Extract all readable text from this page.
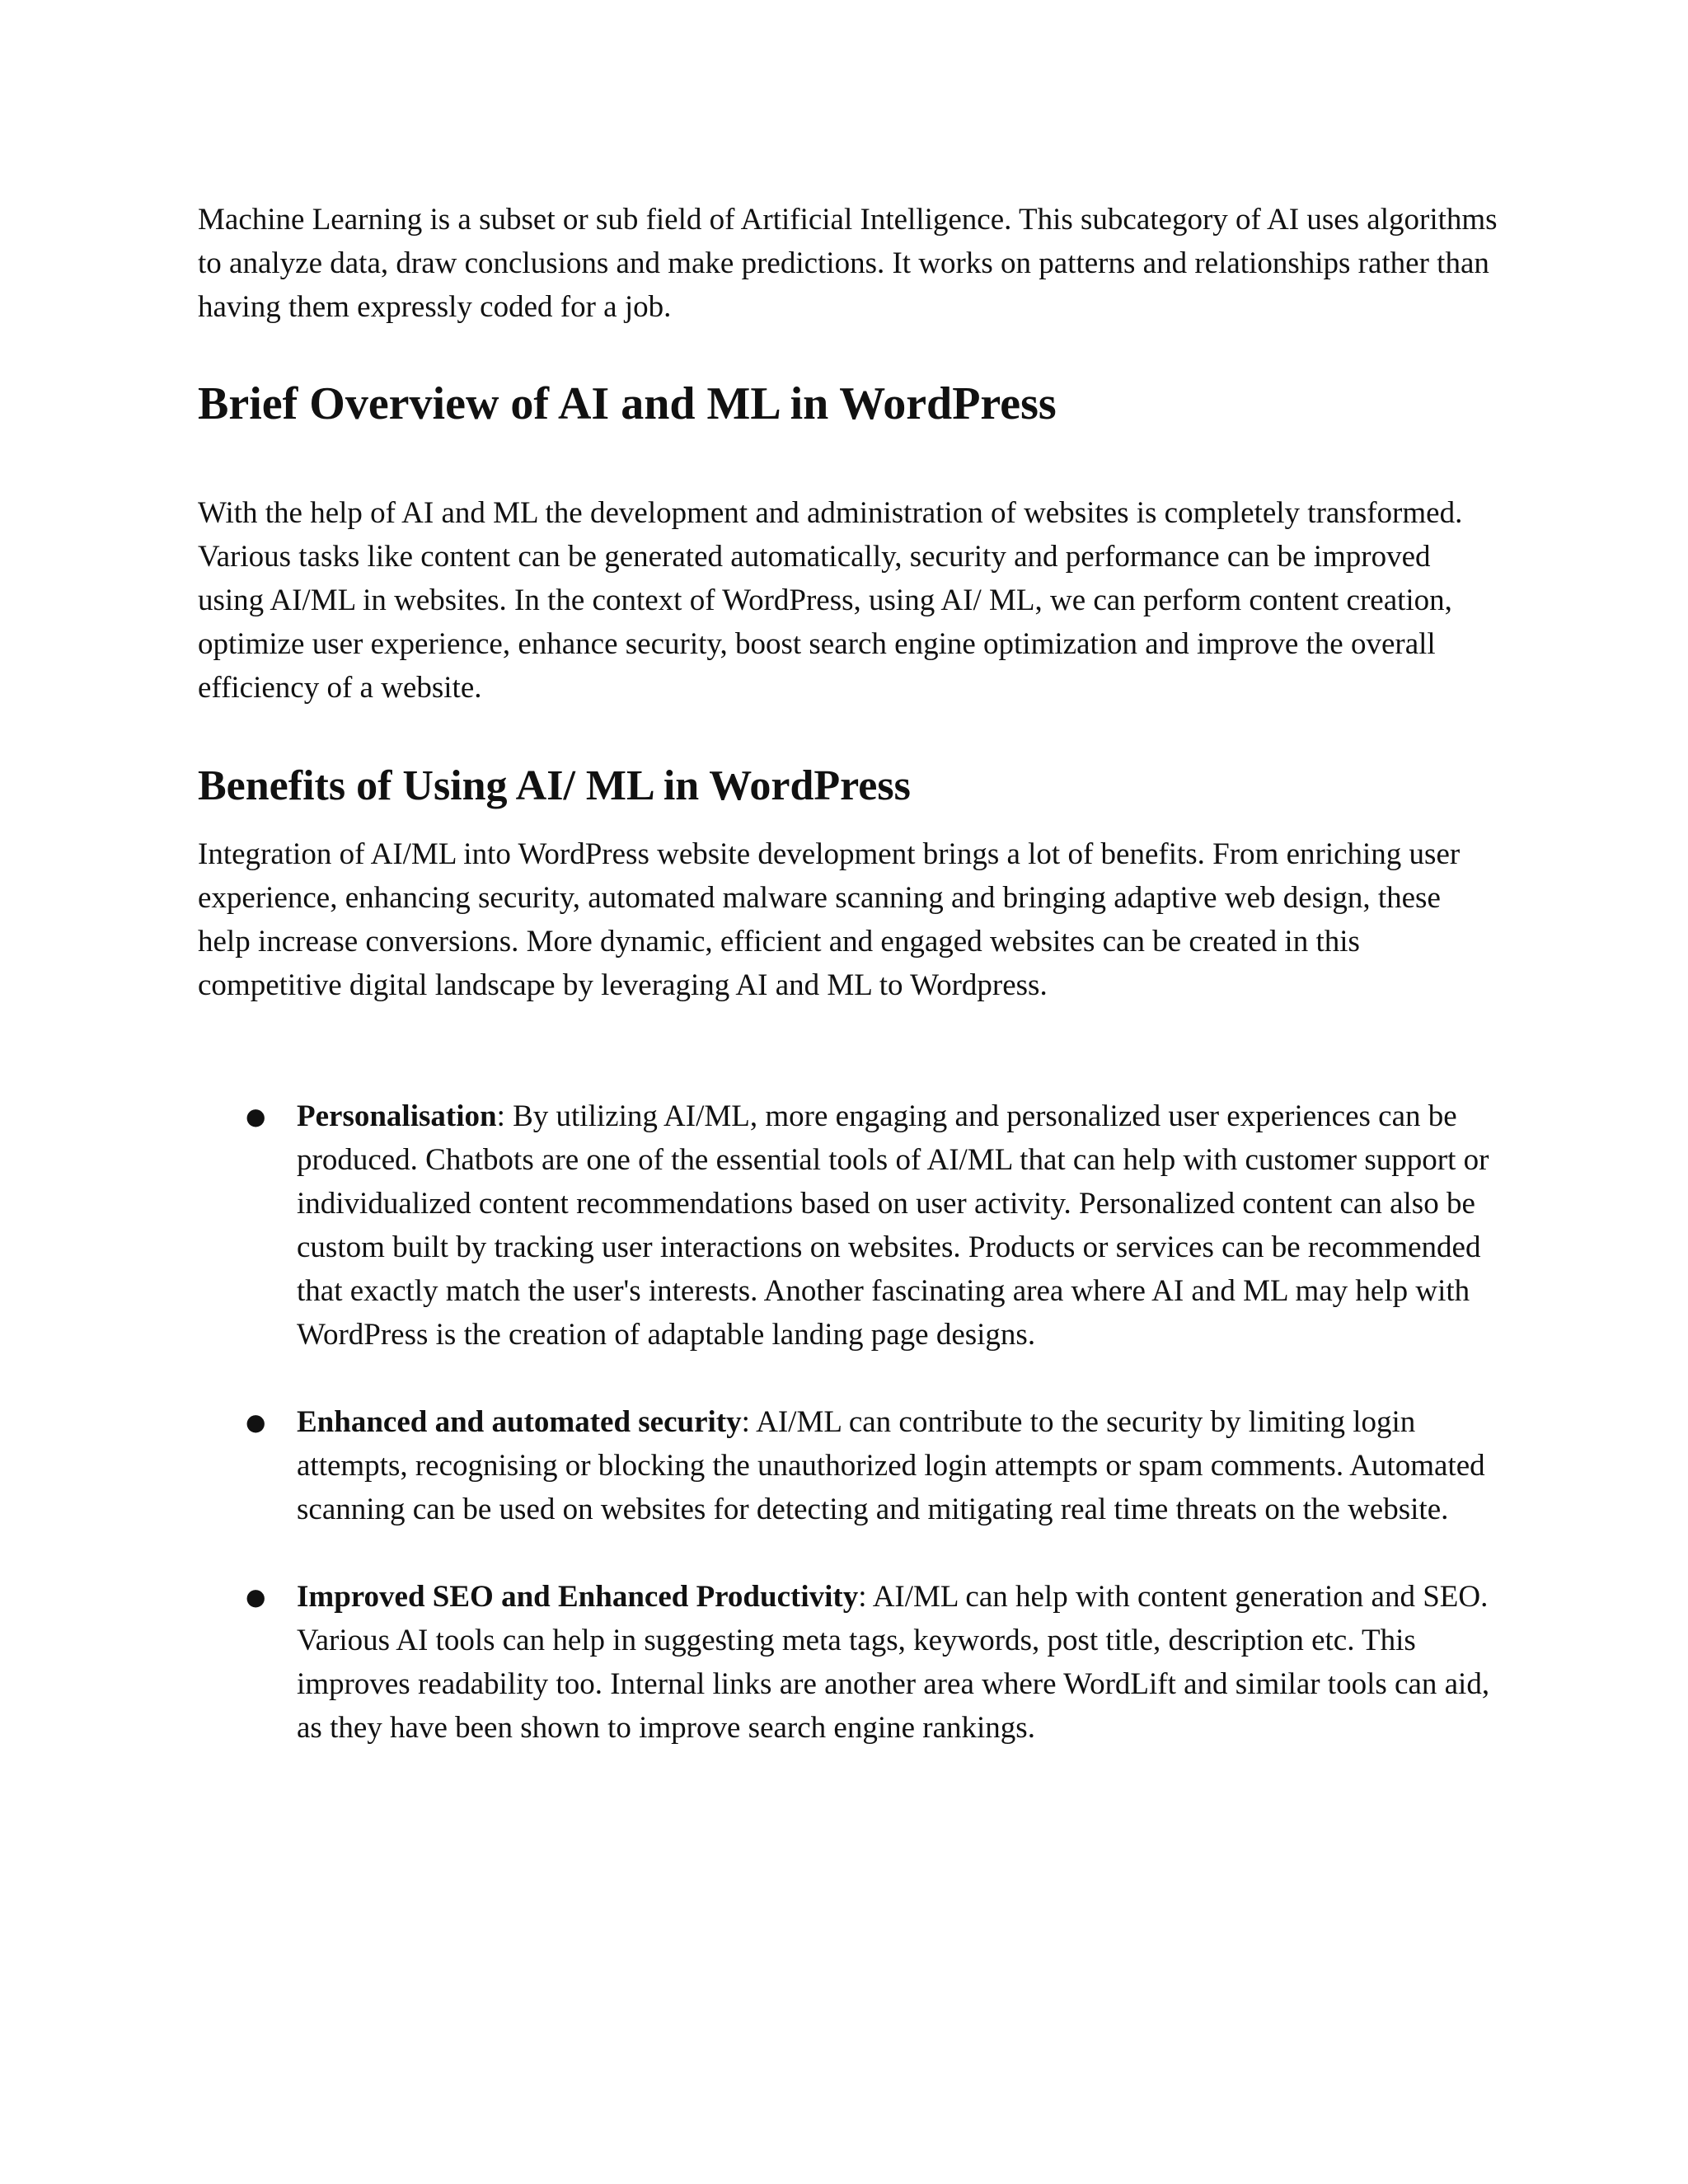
Machine Learning is a subset or sub field of Artificial Intelligence. This subcategory of AI uses algorithms to analyze data, draw conclusions and make predictions. It works on patterns and relationships rather than having them expressly coded for a job.

Brief Overview of AI and ML in WordPress

With the help of AI and ML the development and administration of websites is completely transformed. Various tasks like content can be generated automatically, security and performance can be improved using AI/ML in websites. In the context of WordPress, using AI/ ML, we can perform content creation, optimize user experience, enhance security, boost search engine optimization and improve the overall efficiency of a website.

Benefits of Using AI/ ML in WordPress

Integration of AI/ML into WordPress website development brings a lot of benefits. From enriching user experience, enhancing security, automated malware scanning and bringing adaptive web design, these help increase conversions. More dynamic, efficient and engaged websites can be created in this competitive digital landscape by leveraging AI and ML to Wordpress.

● Personalisation: By utilizing AI/ML, more engaging and personalized user experiences can be produced. Chatbots are one of the essential tools of AI/ML that can help with customer support or individualized content recommendations based on user activity. Personalized content can also be custom built by tracking user interactions on websites. Products or services can be recommended that exactly match the user's interests. Another fascinating area where AI and ML may help with WordPress is the creation of adaptable landing page designs.
● Enhanced and automated security: AI/ML can contribute to the security by limiting login attempts, recognising or blocking the unauthorized login attempts or spam comments. Automated scanning can be used on websites for detecting and mitigating real time threats on the website.
● Improved SEO and Enhanced Productivity: AI/ML can help with content generation and SEO. Various AI tools can help in suggesting meta tags, keywords, post title, description etc. This improves readability too. Internal links are another area where WordLift and similar tools can aid, as they have been shown to improve search engine rankings.
